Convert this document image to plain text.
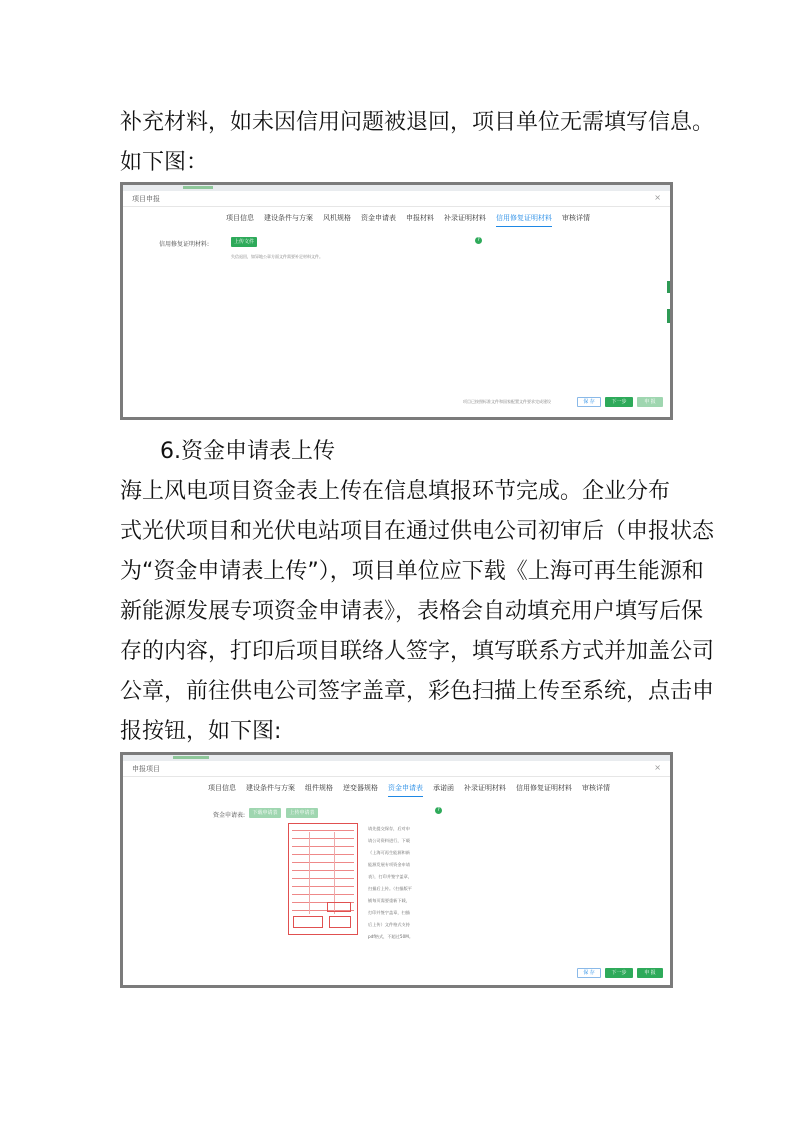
补充材料，如未因信用问题被退回，项目单位无需填写信息。
如下图：
项目申报	×
项目信息 建设条件与方案 风机规格 资金申请表 申报材料 补录证明材料 信用修复证明材料 审核详情
信用修复证明材料:	上传文件
失信退回，如异地公章方面文件需要补足材料文件。
?
项目已按照标准文件和国家配置文件要求完成建设	保 存	下一步	申 报
6.资金申请表上传
海上风电项目资金表上传在信息填报环节完成。企业分布
式光伏项目和光伏电站项目在通过供电公司初审后（申报状态
为“资金申请表上传”），项目单位应下载《上海可再生能源和
新能源发展专项资金申请表》，表格会自动填充用户填写后保
存的内容，打印后项目联络人签字，填写联系方式并加盖公司
公章，前往供电公司签字盖章，彩色扫描上传至系统，点击申
报按钮，如下图:
申报项目	×
项目信息 建设条件与方案 组件规格 逆变器规格 资金申请表 承诺函 补录证明材料 信用修复证明材料 审核详情
资金申请表:	下载申请表	上传申请表	?
请先提交保存，后对申请公司资料进行，下载《上海可再生能源和新能源发展专项资金申请表》，打印并签字盖章，扫描后上传。（扫描版平铺每页需要重新下载，打印并签字盖章，扫描后上传）文件格式支持pdf格式，不超过50M。
保 存	下一步	申 报
